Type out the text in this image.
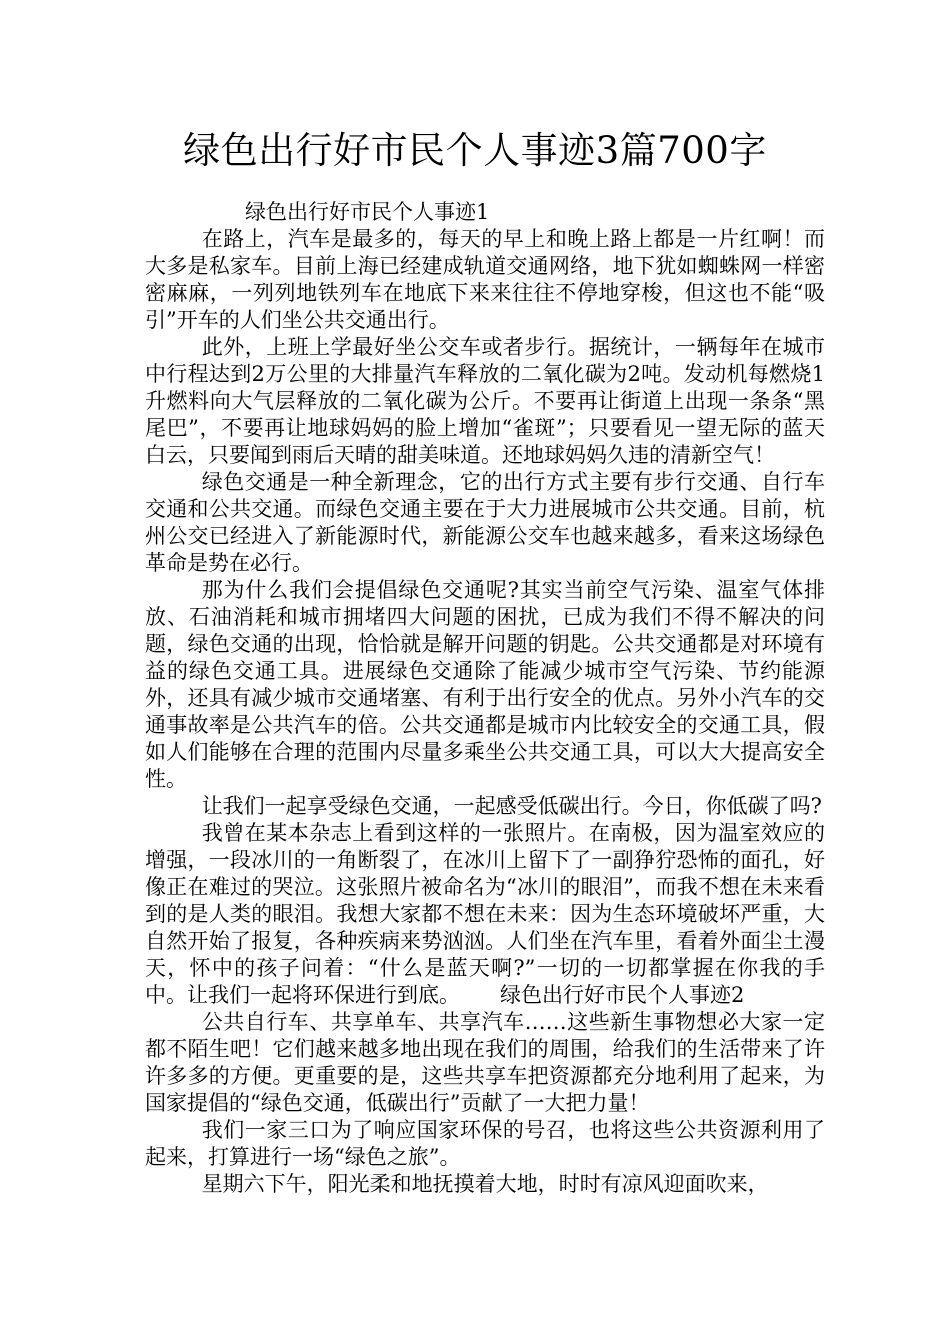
绿色出行好市民个人事迹3篇700字

绿色出行好市民个人事迹1

在路上，汽车是最多的，每天的早上和晚上路上都是一片红啊！而大多是私家车。目前上海已经建成轨道交通网络，地下犹如蜘蛛网一样密密麻麻，一列列地铁列车在地底下来来往往不停地穿梭，但这也不能“吸引”开车的人们坐公共交通出行。

此外，上班上学最好坐公交车或者步行。据统计，一辆每年在城市中行程达到2万公里的大排量汽车释放的二氧化碳为2吨。发动机每燃烧1升燃料向大气层释放的二氧化碳为公斤。不要再让街道上出现一条条“黑尾巴”，不要再让地球妈妈的脸上增加“雀斑”；只要看见一望无际的蓝天白云，只要闻到雨后天晴的甜美味道。还地球妈妈久违的清新空气！

绿色交通是一种全新理念，它的出行方式主要有步行交通、自行车交通和公共交通。而绿色交通主要在于大力进展城市公共交通。目前，杭州公交已经进入了新能源时代，新能源公交车也越来越多，看来这场绿色革命是势在必行。

那为什么我们会提倡绿色交通呢?其实当前空气污染、温室气体排放、石油消耗和城市拥堵四大问题的困扰，已成为我们不得不解决的问题，绿色交通的出现，恰恰就是解开问题的钥匙。公共交通都是对环境有益的绿色交通工具。进展绿色交通除了能减少城市空气污染、节约能源外，还具有减少城市交通堵塞、有利于出行安全的优点。另外小汽车的交通事故率是公共汽车的倍。公共交通都是城市内比较安全的交通工具，假如人们能够在合理的范围内尽量多乘坐公共交通工具，可以大大提高安全性。

让我们一起享受绿色交通，一起感受低碳出行。今日，你低碳了吗?

我曾在某本杂志上看到这样的一张照片。在南极，因为温室效应的增强，一段冰川的一角断裂了，在冰川上留下了一副狰狞恐怖的面孔，好像正在难过的哭泣。这张照片被命名为“冰川的眼泪”，而我不想在未来看到的是人类的眼泪。我想大家都不想在未来：因为生态环境破坏严重，大自然开始了报复，各种疾病来势汹汹。人们坐在汽车里，看着外面尘土漫天，怀中的孩子问着：“什么是蓝天啊?”一切的一切都掌握在你我的手中。让我们一起将环保进行到底。 绿色出行好市民个人事迹2

公共自行车、共享单车、共享汽车……这些新生事物想必大家一定都不陌生吧！它们越来越多地出现在我们的周围，给我们的生活带来了许许多多的方便。更重要的是，这些共享车把资源都充分地利用了起来，为国家提倡的“绿色交通，低碳出行”贡献了一大把力量！

我们一家三口为了响应国家环保的号召，也将这些公共资源利用了起来，打算进行一场“绿色之旅”。

星期六下午，阳光柔和地抚摸着大地，时时有凉风迎面吹来，
